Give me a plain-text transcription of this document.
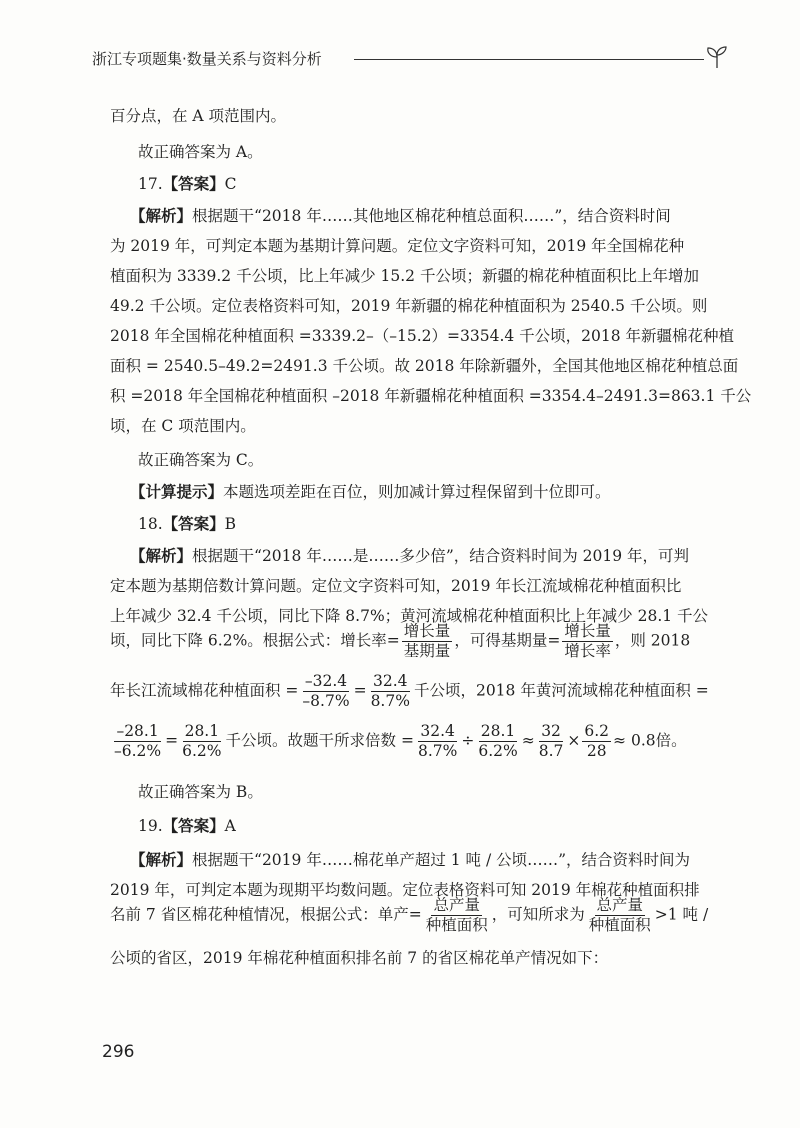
浙江专项题集·数量关系与资料分析
百分点，在 A 项范围内。
故正确答案为 A。
17.【答案】C
【解析】根据题干“2018 年……其他地区棉花种植总面积……”，结合资料时间
为 2019 年，可判定本题为基期计算问题。定位文字资料可知，2019 年全国棉花种
植面积为 3339.2 千公顷，比上年减少 15.2 千公顷；新疆的棉花种植面积比上年增加
49.2 千公顷。定位表格资料可知，2019 年新疆的棉花种植面积为 2540.5 千公顷。则
2018 年全国棉花种植面积 =3339.2–（–15.2）=3354.4 千公顷，2018 年新疆棉花种植
面积 = 2540.5–49.2=2491.3 千公顷。故 2018 年除新疆外，全国其他地区棉花种植总面
积 =2018 年全国棉花种植面积 –2018 年新疆棉花种植面积 =3354.4–2491.3=863.1 千公
顷，在 C 项范围内。
故正确答案为 C。
【计算提示】本题选项差距在百位，则加减计算过程保留到十位即可。
18.【答案】B
【解析】根据题干“2018 年……是……多少倍”，结合资料时间为 2019 年，可判
定本题为基期倍数计算问题。定位文字资料可知，2019 年长江流域棉花种植面积比
上年减少 32.4 千公顷，同比下降 8.7%；黄河流域棉花种植面积比上年减少 28.1 千公
顷，同比下降 6.2%。根据公式：增长率= $\frac{\text{增长量}}{\text{基期量}}$ ，可得基期量= $\frac{\text{增长量}}{\text{增长率}}$ ，则 2018
年长江流域棉花种植面积 = $\frac{-32.4}{-8.7\%} = \frac{32.4}{8.7\%}$ 千公顷，2018 年黄河流域棉花种植面积 =
$\frac{-28.1}{-6.2\%} = \frac{28.1}{6.2\%}$ 千公顷。故题干所求倍数 = $\frac{32.4}{8.7\%} \div \frac{28.1}{6.2\%} \approx \frac{32}{8.7} \times \frac{6.2}{28} \approx 0.8$倍。
故正确答案为 B。
19.【答案】A
【解析】根据题干“2019 年……棉花单产超过 1 吨 / 公顷……”，结合资料时间为
2019 年，可判定本题为现期平均数问题。定位表格资料可知 2019 年棉花种植面积排
名前 7 省区棉花种植情况，根据公式：单产= $\frac{\text{总产量}}{\text{种植面积}}$ ，可知所求为 $\frac{\text{总产量}}{\text{种植面积}} >1$ 吨 /
公顷的省区，2019 年棉花种植面积排名前 7 的省区棉花单产情况如下：
296
